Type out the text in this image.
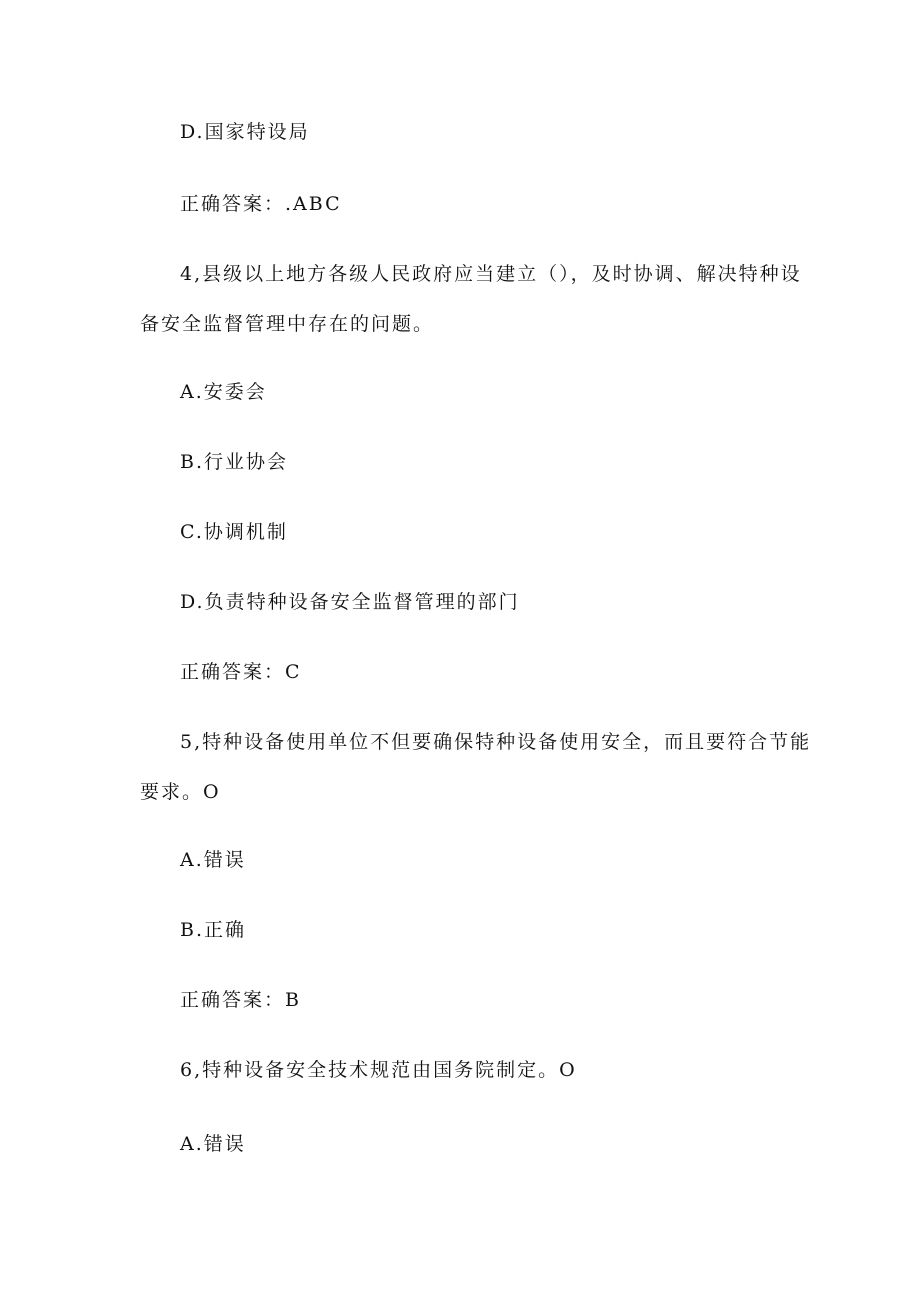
D.国家特设局
正确答案：.ABC
4,县级以上地方各级人民政府应当建立（），及时协调、解决特种设
备安全监督管理中存在的问题。
A.安委会
B.行业协会
C.协调机制
D.负责特种设备安全监督管理的部门
正确答案：C
5,特种设备使用单位不但要确保特种设备使用安全，而且要符合节能
要求。O
A.错误
B.正确
正确答案：B
6,特种设备安全技术规范由国务院制定。O
A.错误
